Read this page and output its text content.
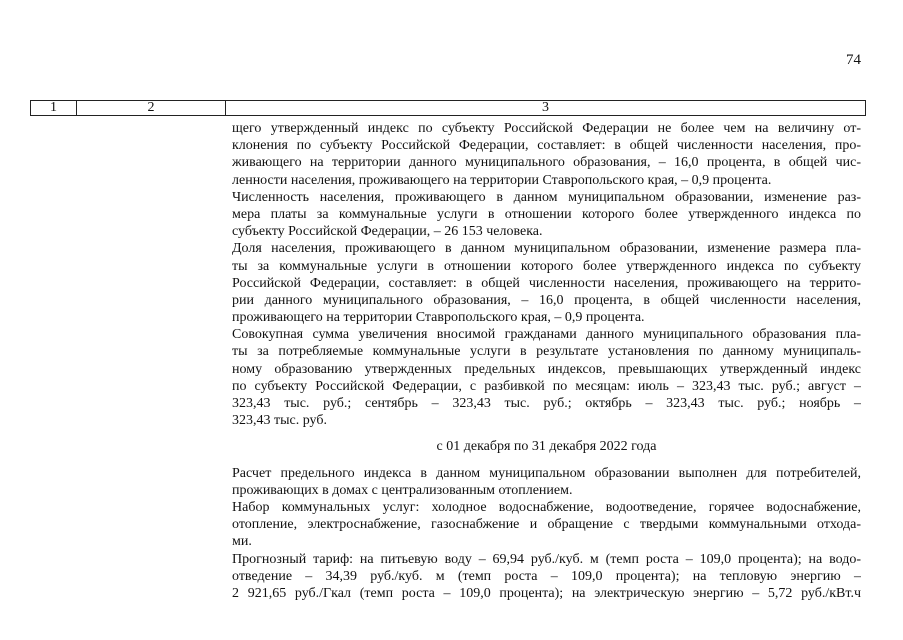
74
1	2	3
щего утвержденный индекс по субъекту Российской Федерации не более чем на величину от-
клонения по субъекту Российской Федерации, составляет: в общей численности населения, про-
живающего на территории данного муниципального образования, – 16,0 процента, в общей чис-
ленности населения, проживающего на территории Ставропольского края, – 0,9 процента.
Численность населения, проживающего в данном муниципальном образовании, изменение раз-
мера платы за коммунальные услуги в отношении которого более утвержденного индекса по
субъекту Российской Федерации, – 26 153 человека.
Доля населения, проживающего в данном муниципальном образовании, изменение размера пла-
ты за коммунальные услуги в отношении которого более утвержденного индекса по субъекту
Российской Федерации, составляет: в общей численности населения, проживающего на террито-
рии данного муниципального образования, – 16,0 процента, в общей численности населения,
проживающего на территории Ставропольского края, – 0,9 процента.
Совокупная сумма увеличения вносимой гражданами данного муниципального образования пла-
ты за потребляемые коммунальные услуги в результате установления по данному муниципаль-
ному образованию утвержденных предельных индексов, превышающих утвержденный индекс
по субъекту Российской Федерации, с разбивкой по месяцам: июль – 323,43 тыс. руб.; август –
323,43 тыс. руб.; сентябрь – 323,43 тыс. руб.; октябрь – 323,43 тыс. руб.; ноябрь –
323,43 тыс. руб.
с 01 декабря по 31 декабря 2022 года
Расчет предельного индекса в данном муниципальном образовании выполнен для потребителей,
проживающих в домах с централизованным отоплением.
Набор коммунальных услуг: холодное водоснабжение, водоотведение, горячее водоснабжение,
отопление, электроснабжение, газоснабжение и обращение с твердыми коммунальными отхода-
ми.
Прогнозный тариф: на питьевую воду – 69,94 руб./куб. м (темп роста – 109,0 процента); на водо-
отведение – 34,39 руб./куб. м (темп роста – 109,0 процента); на тепловую энергию –
2 921,65 руб./Гкал (темп роста – 109,0 процента); на электрическую энергию – 5,72 руб./кВт.ч
